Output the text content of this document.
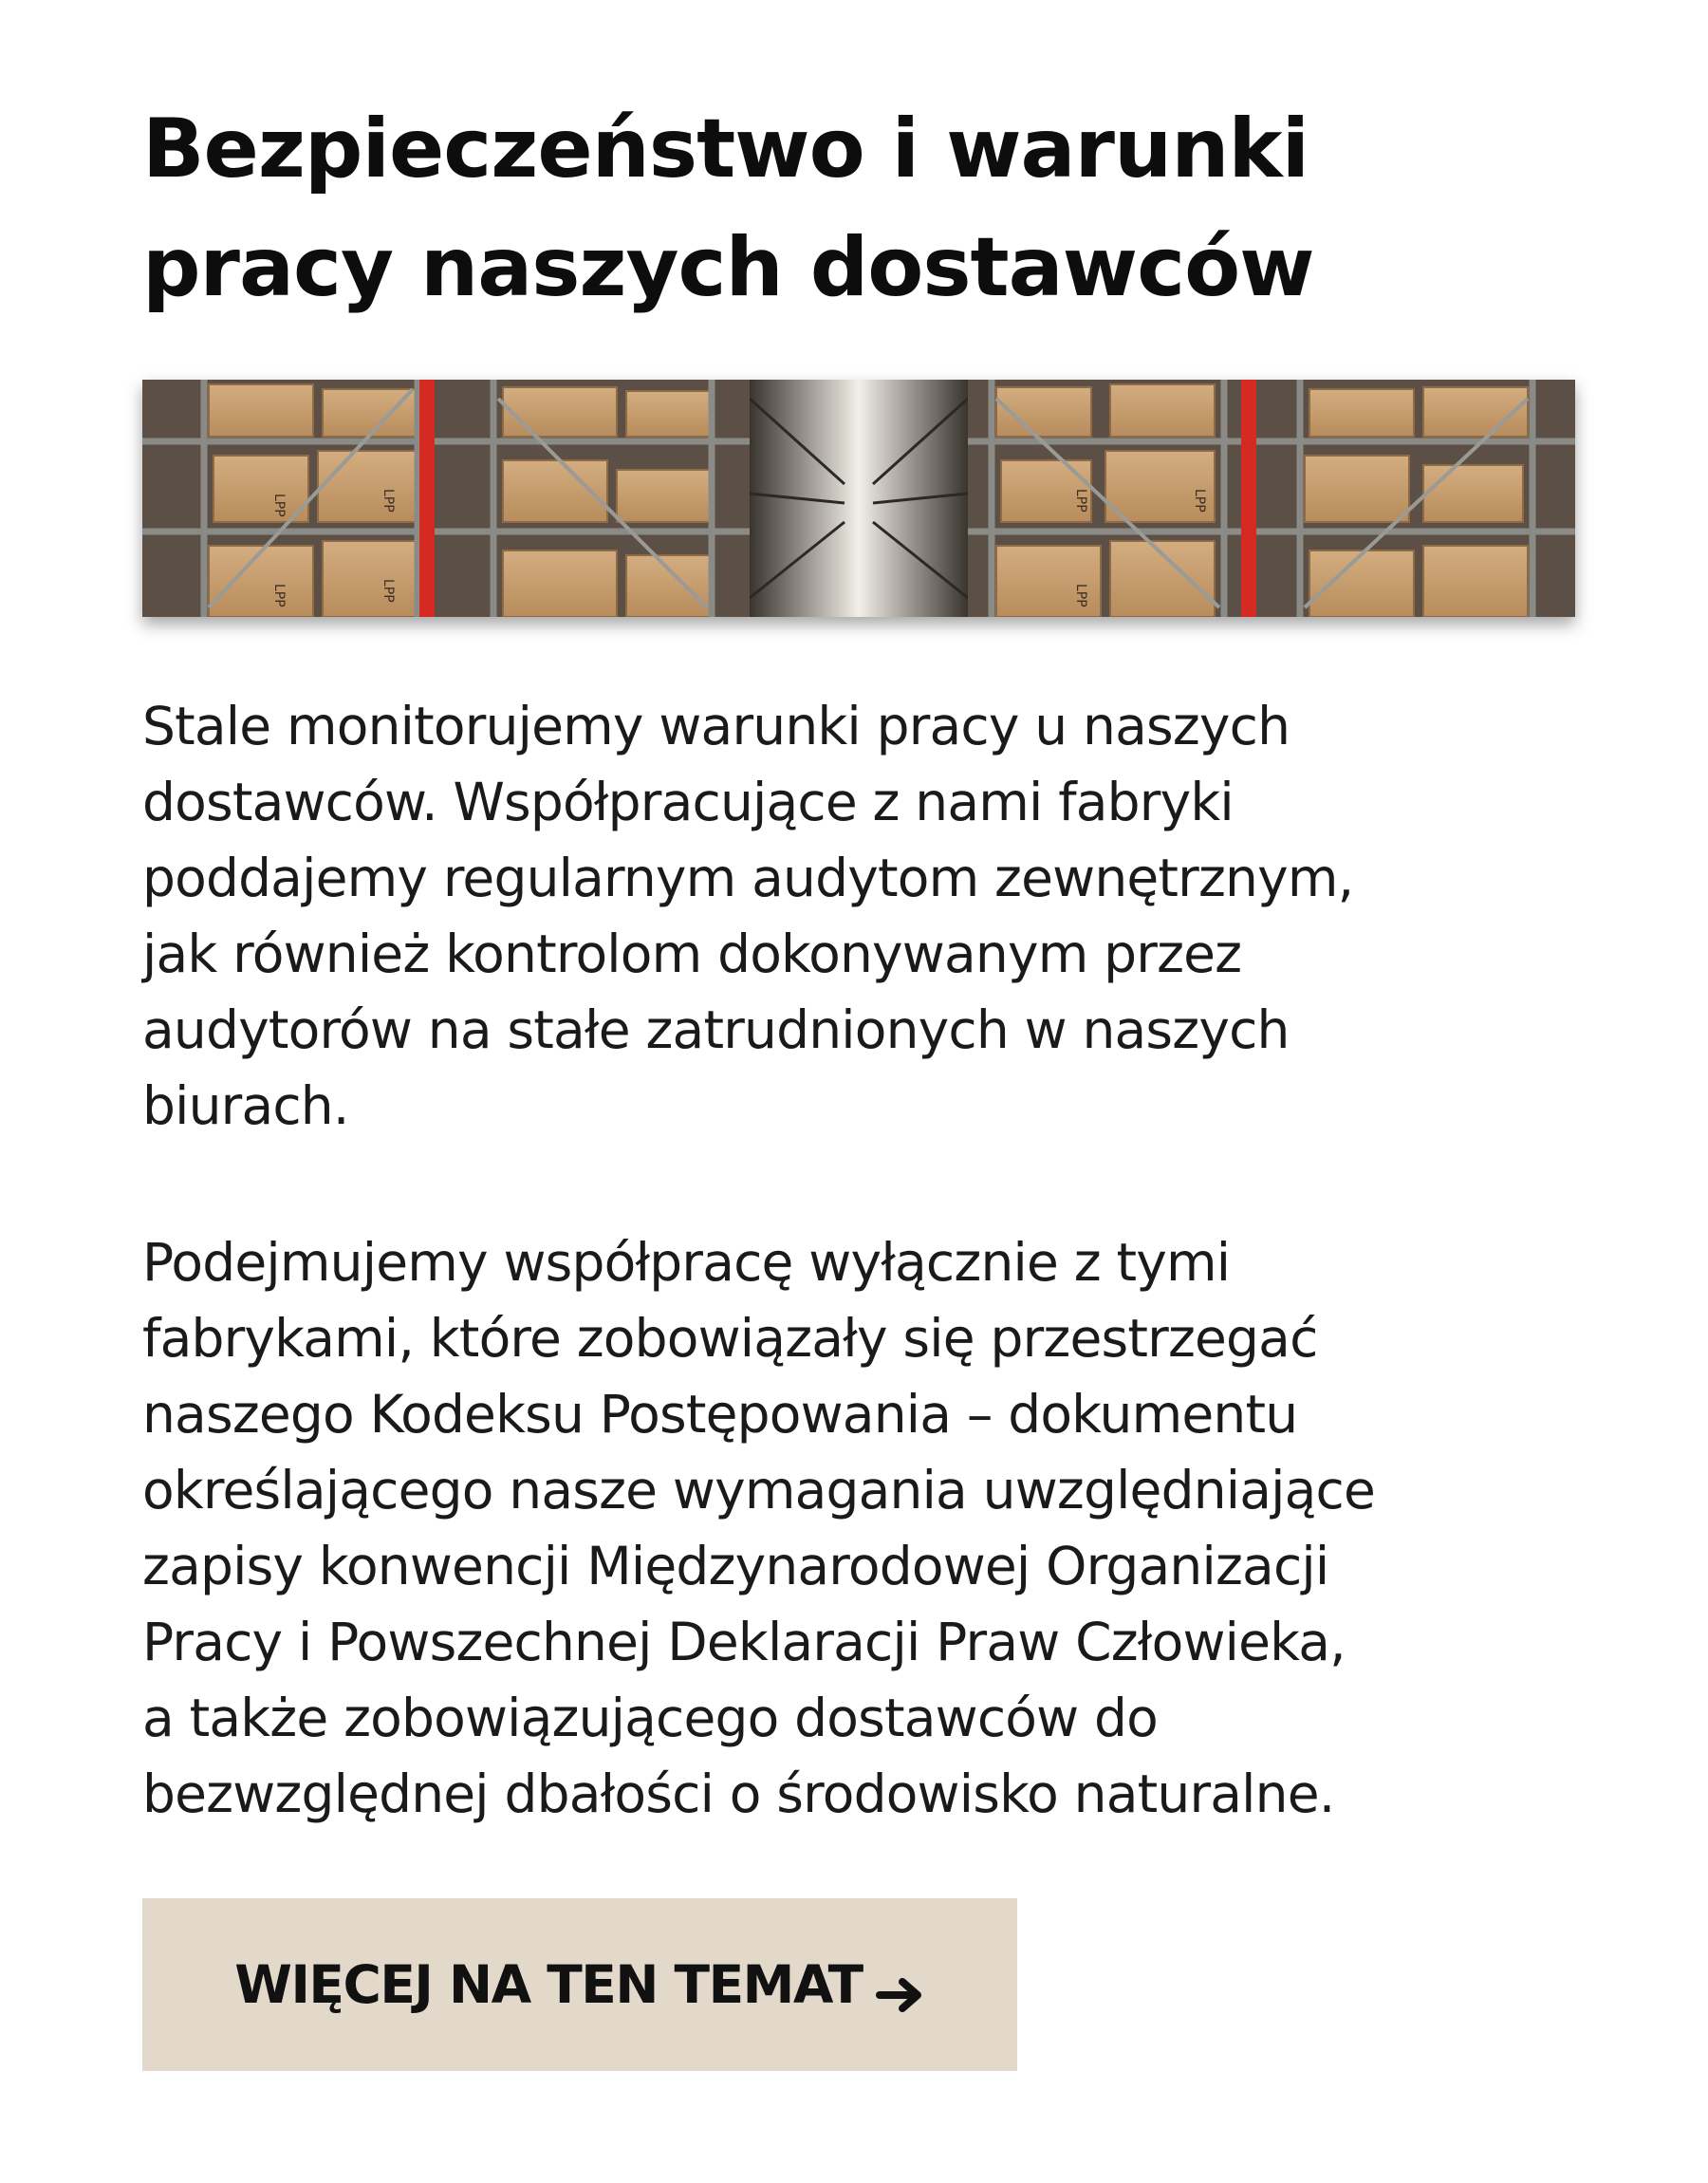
Bezpieczeństwo i warunki
pracy naszych dostawców
LPP	LPP
LPP	LPP
LPP	LPP
LPP
Stale monitorujemy warunki pracy u naszych
dostawców. Współpracujące z nami fabryki
poddajemy regularnym audytom zewnętrznym,
jak również kontrolom dokonywanym przez
audytorów na stałe zatrudnionych w naszych
biurach.
Podejmujemy współpracę wyłącznie z tymi
fabrykami, które zobowiązały się przestrzegać
naszego Kodeksu Postępowania – dokumentu
określającego nasze wymagania uwzględniające
zapisy konwencji Międzynarodowej Organizacji
Pracy i Powszechnej Deklaracji Praw Człowieka,
a także zobowiązującego dostawców do
bezwzględnej dbałości o środowisko naturalne.
WIĘCEJ NA TEN TEMAT
